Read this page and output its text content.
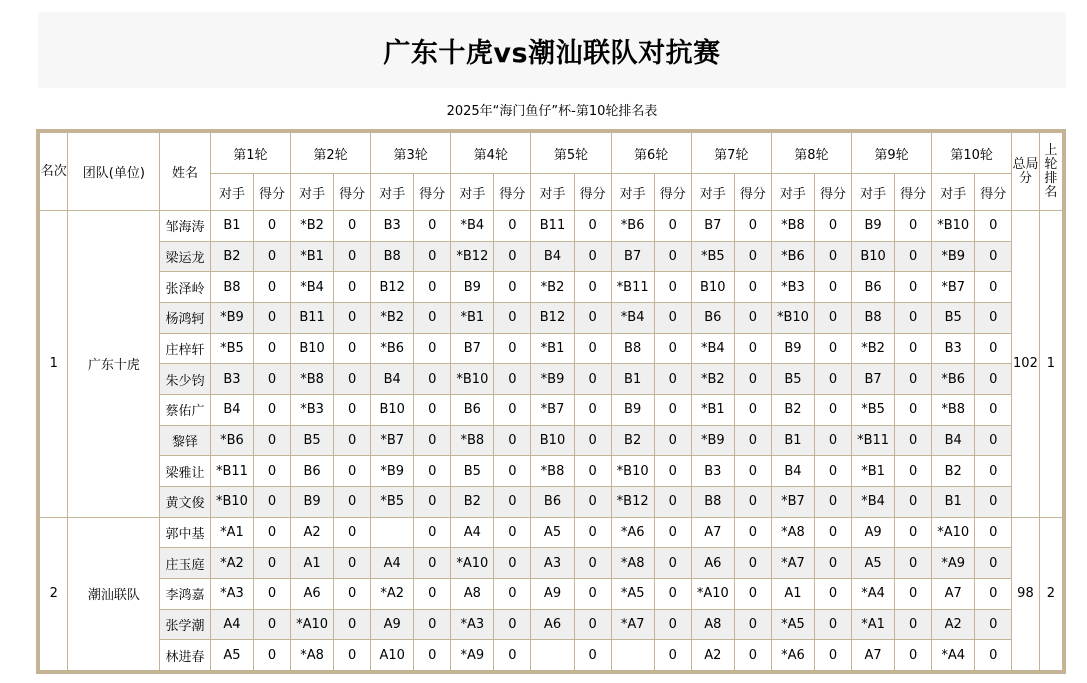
广东十虎vs潮汕联队对抗赛
2025年“海门鱼仔”杯-第10轮排名表
名次	团队(单位)	姓名	第1轮		第2轮		第3轮		第4轮		第5轮		第6轮		第7轮		第8轮		第9轮		第10轮		总局分	上轮排名
			对手	得分	对手	得分	对手	得分	对手	得分	对手	得分	对手	得分	对手	得分	对手	得分	对手	得分	对手	得分		
1	广东十虎	邹海涛	B1	0	*B2	0	B3	0	*B4	0	B11	0	*B6	0	B7	0	*B8	0	B9	0	*B10	0	102	1
		梁运龙	B2	0	*B1	0	B8	0	*B12	0	B4	0	B7	0	*B5	0	*B6	0	B10	0	*B9	0		
		张泽岭	B8	0	*B4	0	B12	0	B9	0	*B2	0	*B11	0	B10	0	*B3	0	B6	0	*B7	0		
		杨鸿轲	*B9	0	B11	0	*B2	0	*B1	0	B12	0	*B4	0	B6	0	*B10	0	B8	0	B5	0		
		庄梓轩	*B5	0	B10	0	*B6	0	B7	0	*B1	0	B8	0	*B4	0	B9	0	*B2	0	B3	0		
		朱少钧	B3	0	*B8	0	B4	0	*B10	0	*B9	0	B1	0	*B2	0	B5	0	B7	0	*B6	0		
		蔡佑广	B4	0	*B3	0	B10	0	B6	0	*B7	0	B9	0	*B1	0	B2	0	*B5	0	*B8	0		
		黎铎	*B6	0	B5	0	*B7	0	*B8	0	B10	0	B2	0	*B9	0	B1	0	*B11	0	B4	0		
		梁雅让	*B11	0	B6	0	*B9	0	B5	0	*B8	0	*B10	0	B3	0	B4	0	*B1	0	B2	0		
		黄文俊	*B10	0	B9	0	*B5	0	B2	0	B6	0	*B12	0	B8	0	*B7	0	*B4	0	B1	0		
2	潮汕联队	郭中基	*A1	0	A2	0		0	A4	0	A5	0	*A6	0	A7	0	*A8	0	A9	0	*A10	0	98	2
		庄玉庭	*A2	0	A1	0	A4	0	*A10	0	A3	0	*A8	0	A6	0	*A7	0	A5	0	*A9	0		
		李鸿嘉	*A3	0	A6	0	*A2	0	A8	0	A9	0	*A5	0	*A10	0	A1	0	*A4	0	A7	0		
		张学潮	A4	0	*A10	0	A9	0	*A3	0	A6	0	*A7	0	A8	0	*A5	0	*A1	0	A2	0		
		林进春	A5	0	*A8	0	A10	0	*A9	0		0		0	A2	0	*A6	0	A7	0	*A4	0		
